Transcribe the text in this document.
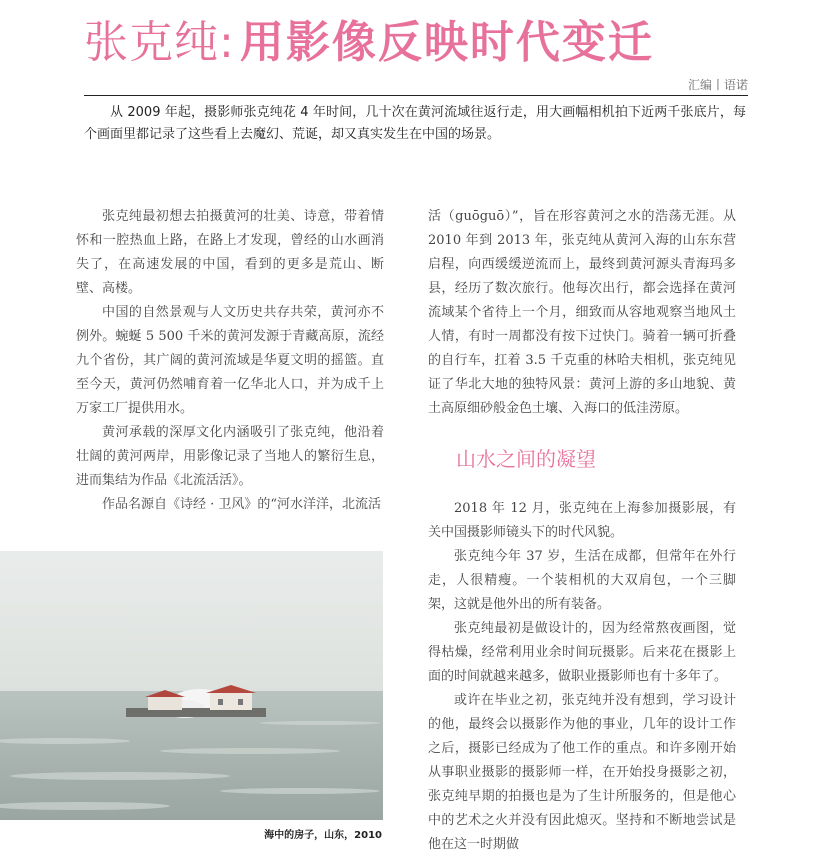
张克纯: 用影像反映时代变迁
汇编丨语诺

从 2009 年起，摄影师张克纯花 4 年时间，几十次在黄河流域往返行走，用大画幅相机拍下近两千张底片，每个画面里都记录了这些看上去魔幻、荒诞，却又真实发生在中国的场景。

张克纯最初想去拍摄黄河的壮美、诗意，带着情怀和一腔热血上路，在路上才发现，曾经的山水画消失了，在高速发展的中国，看到的更多是荒山、断壁、高楼。

中国的自然景观与人文历史共存共荣，黄河亦不例外。蜿蜒 5 500 千米的黄河发源于青藏高原，流经九个省份，其广阔的黄河流域是华夏文明的摇篮。直至今天，黄河仍然哺育着一亿华北人口，并为成千上万家工厂提供用水。

黄河承载的深厚文化内涵吸引了张克纯，他沿着壮阔的黄河两岸，用影像记录了当地人的繁衍生息，进而集结为作品《北流活活》。

作品名源自《诗经 · 卫风》的“河水洋洋，北流活

活（guōguō）”，旨在形容黄河之水的浩荡无涯。从 2010 年到 2013 年，张克纯从黄河入海的山东东营启程，向西缓缓逆流而上，最终到黄河源头青海玛多县，经历了数次旅行。他每次出行，都会选择在黄河流域某个省待上一个月，细致而从容地观察当地风土人情，有时一周都没有按下过快门。骑着一辆可折叠的自行车，扛着 3.5 千克重的林哈夫相机，张克纯见证了华北大地的独特风景：黄河上游的多山地貌、黄土高原细砂般金色土壤、入海口的低洼涝原。

山水之间的凝望

2018 年 12 月，张克纯在上海参加摄影展，有关中国摄影师镜头下的时代风貌。

张克纯今年 37 岁，生活在成都，但常年在外行走，人很精瘦。一个装相机的大双肩包，一个三脚架，这就是他外出的所有装备。

张克纯最初是做设计的，因为经常熬夜画图，觉得枯燥，经常利用业余时间玩摄影。后来花在摄影上面的时间就越来越多，做职业摄影师也有十多年了。

或许在毕业之初，张克纯并没有想到，学习设计的他，最终会以摄影作为他的事业，几年的设计工作之后，摄影已经成为了他工作的重点。和许多刚开始从事职业摄影的摄影师一样，在开始投身摄影之初，张克纯早期的拍摄也是为了生计所服务的，但是他心中的艺术之火并没有因此熄灭。坚持和不断地尝试是他在这一时期做

海中的房子，山东，2010
